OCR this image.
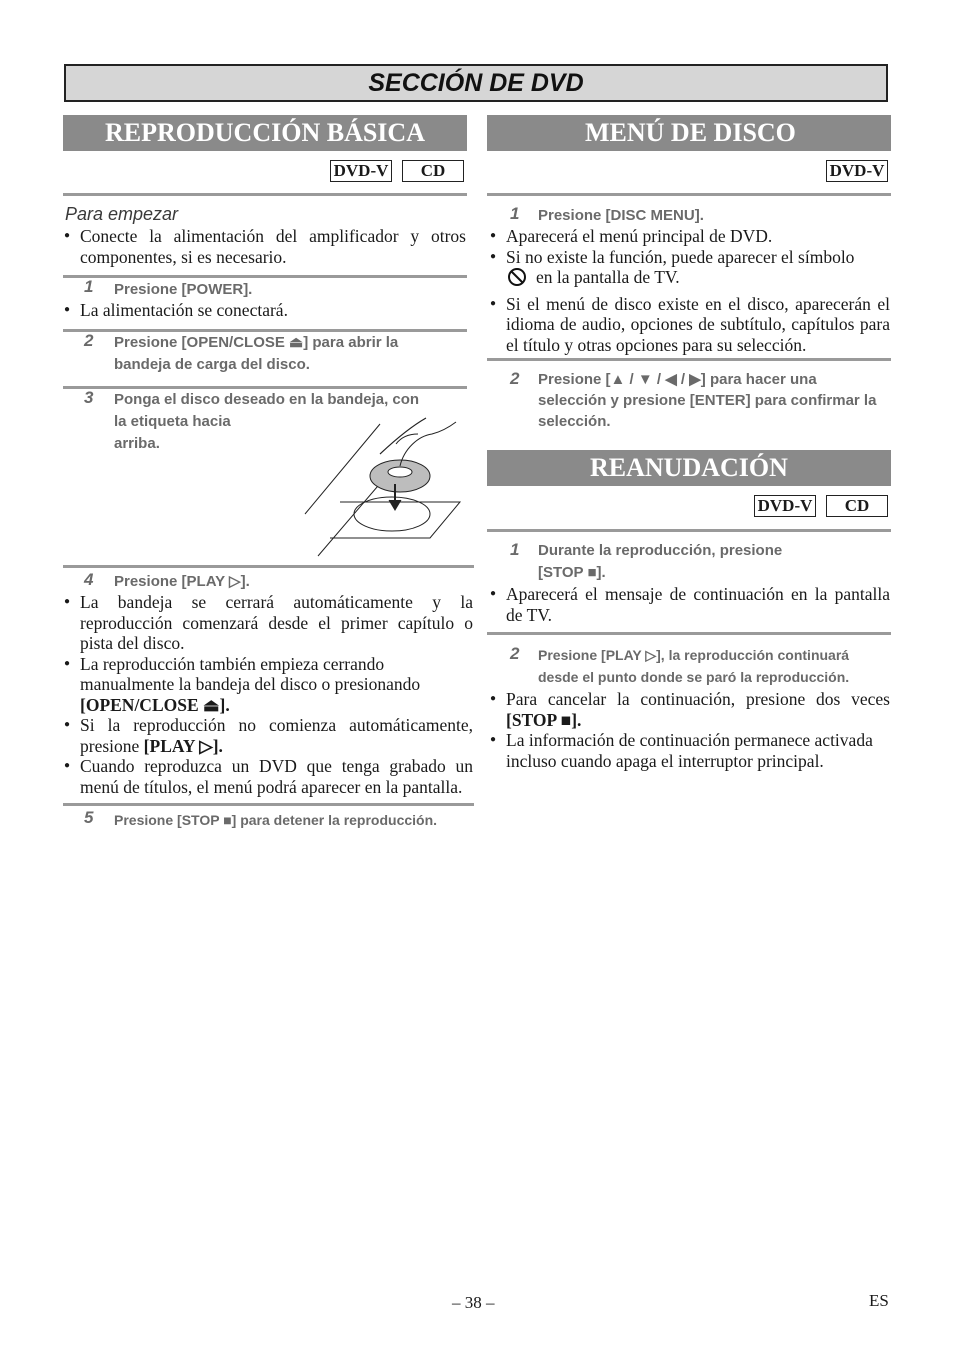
SECCIÓN DE DVD
REPRODUCCIÓN BÁSICA
DVD-V	CD
Para empezar
● Conecte la alimentación del amplificador y otros componentes, si es necesario.
1 Presione [POWER].
● La alimentación se conectará.
2 Presione [OPEN/CLOSE ⏏] para abrir la bandeja de carga del disco.
3 Ponga el disco deseado en la bandeja, con
la etiqueta hacia
arriba.
4 Presione [PLAY ▷].
● La bandeja se cerrará automáticamente y la reproducción comenzará desde el primer capítulo o pista del disco.
● La reproducción también empieza cerrando manualmente la bandeja del disco o presionando [OPEN/CLOSE ⏏].
● Si la reproducción no comienza automáticamente, presione [PLAY ▷].
● Cuando reproduzca un DVD que tenga grabado un menú de títulos, el menú podrá aparecer en la pantalla.
5 Presione [STOP ■] para detener la reproducción.
MENÚ DE DISCO
DVD-V
1 Presione [DISC MENU].
● Aparecerá el menú principal de DVD.
● Si no existe la función, puede aparecer el símbolo
en la pantalla de TV.
● Si el menú de disco existe en el disco, aparecerán el idioma de audio, opciones de subtítulo, capítulos para el título y otras opciones para su selección.
2 Presione [▲ / ▼ / ◀ / ▶] para hacer una selección y presione [ENTER] para confirmar la selección.
REANUDACIÓN
DVD-V	CD
1 Durante la reproducción, presione
[STOP ■].
● Aparecerá el mensaje de continuación en la pantalla de TV.
2 Presione [PLAY ▷], la reproducción continuará desde el punto donde se paró la reproducción.
● Para cancelar la continuación, presione dos veces [STOP ■].
● La información de continuación permanece activada incluso cuando apaga el interruptor principal.
– 38 –	ES
